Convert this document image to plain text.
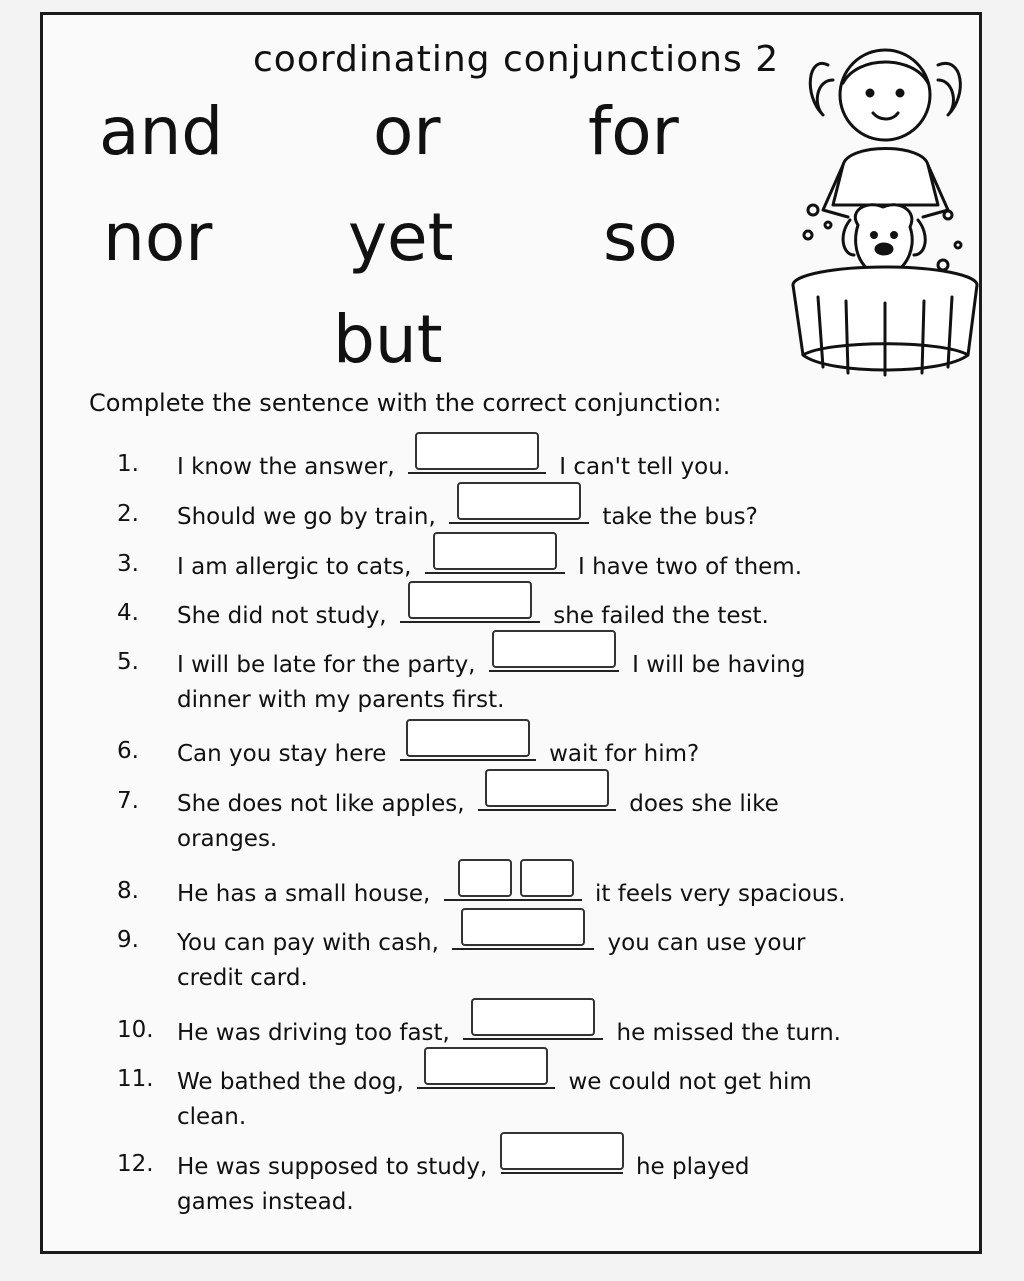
coordinating conjunctions 2
and or for
nor yet so
but
Complete the sentence with the correct conjunction:
1.	I know the answer,	I can't tell you.
2.	Should we go by train,	take the bus?
3.	I am allergic to cats,	I have two of them.
4.	She did not study,	she failed the test.
5.	I will be late for the party,	I will be having
dinner with my parents first.
6.	Can you stay here	wait for him?
7.	She does not like apples,	does she like
oranges.
8.	He has a small house,	it feels very spacious.
9.	You can pay with cash,	you can use your
credit card.
10.	He was driving too fast,	he missed the turn.
11.	We bathed the dog,	we could not get him
clean.
12.	He was supposed to study,	he played
games instead.
